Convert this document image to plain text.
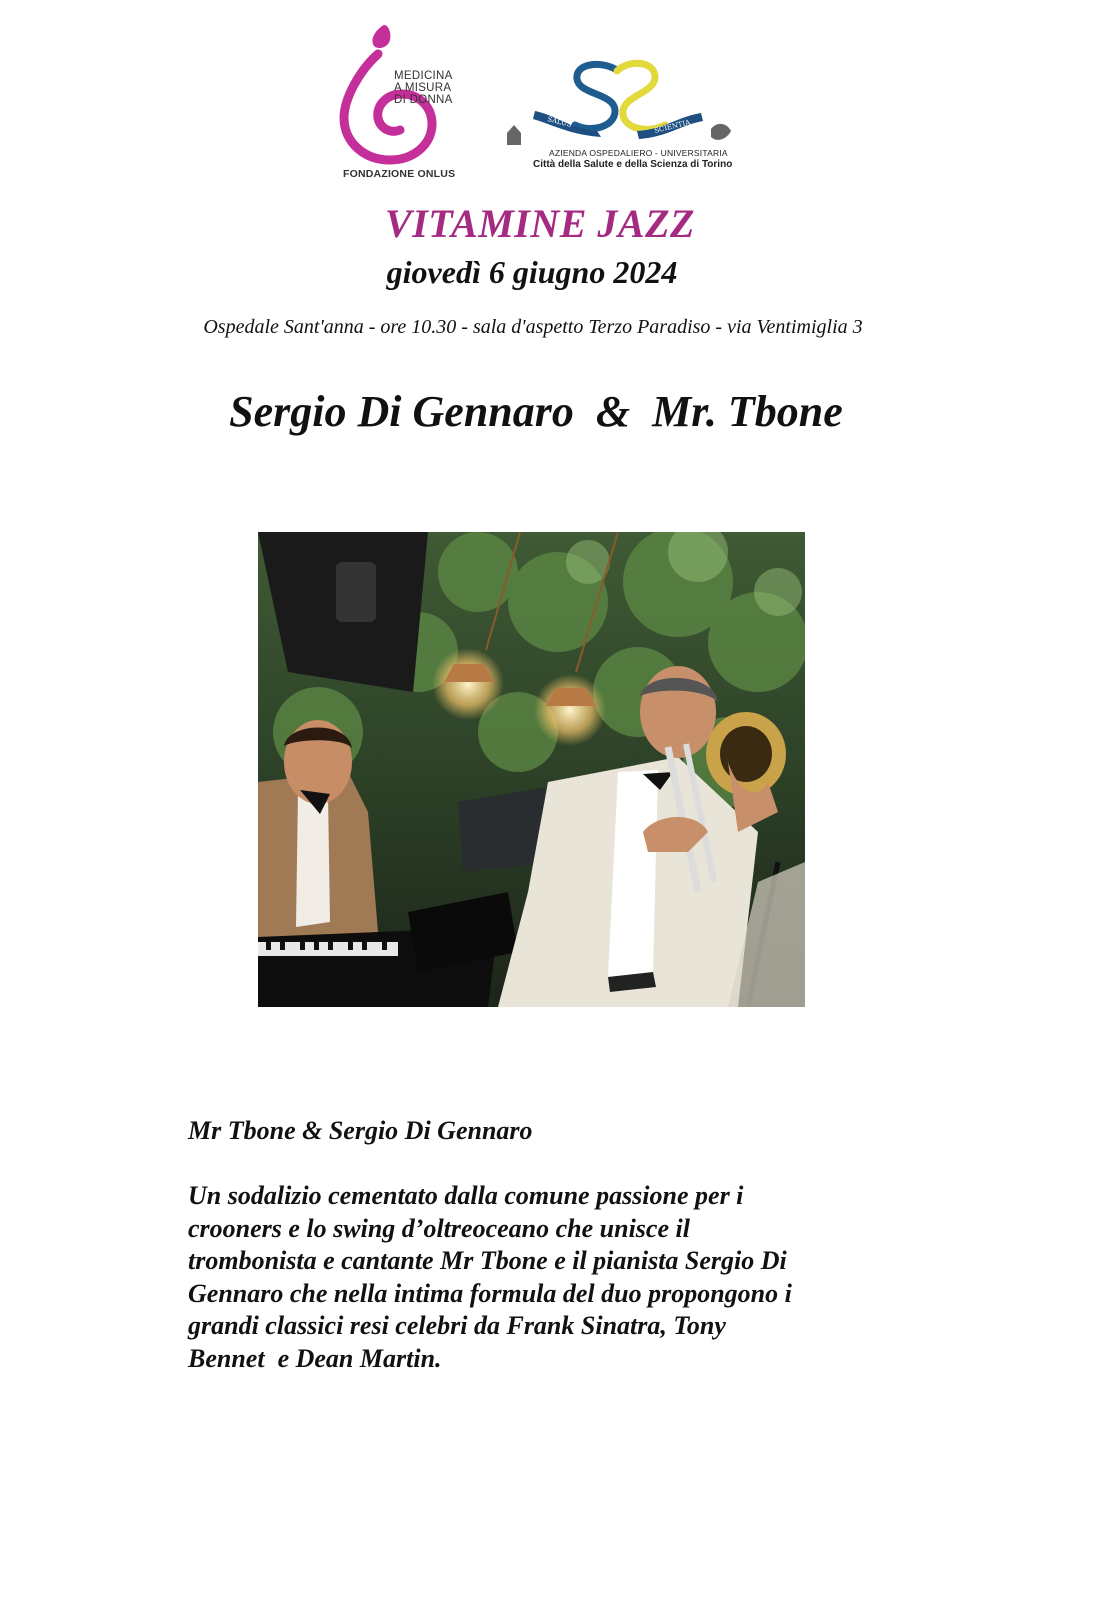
MEDICINA
A MISURA
DI DONNA
FONDAZIONE ONLUS
SALUS	SCIENTIA
AZIENDA OSPEDALIERO - UNIVERSITARIA
Città della Salute e della Scienza di Torino
VITAMINE JAZZ
giovedì 6 giugno 2024
Ospedale Sant'anna - ore 10.30 - sala d'aspetto Terzo Paradiso - via Ventimiglia 3
Sergio Di Gennaro  &  Mr. Tbone
Mr Tbone & Sergio Di Gennaro
Un sodalizio cementato dalla comune passione per i
crooners e lo swing d’oltreoceano che unisce il
trombonista e cantante Mr Tbone e il pianista Sergio Di
Gennaro che nella intima formula del duo propongono i
grandi classici resi celebri da Frank Sinatra, Tony
Bennet  e Dean Martin.
